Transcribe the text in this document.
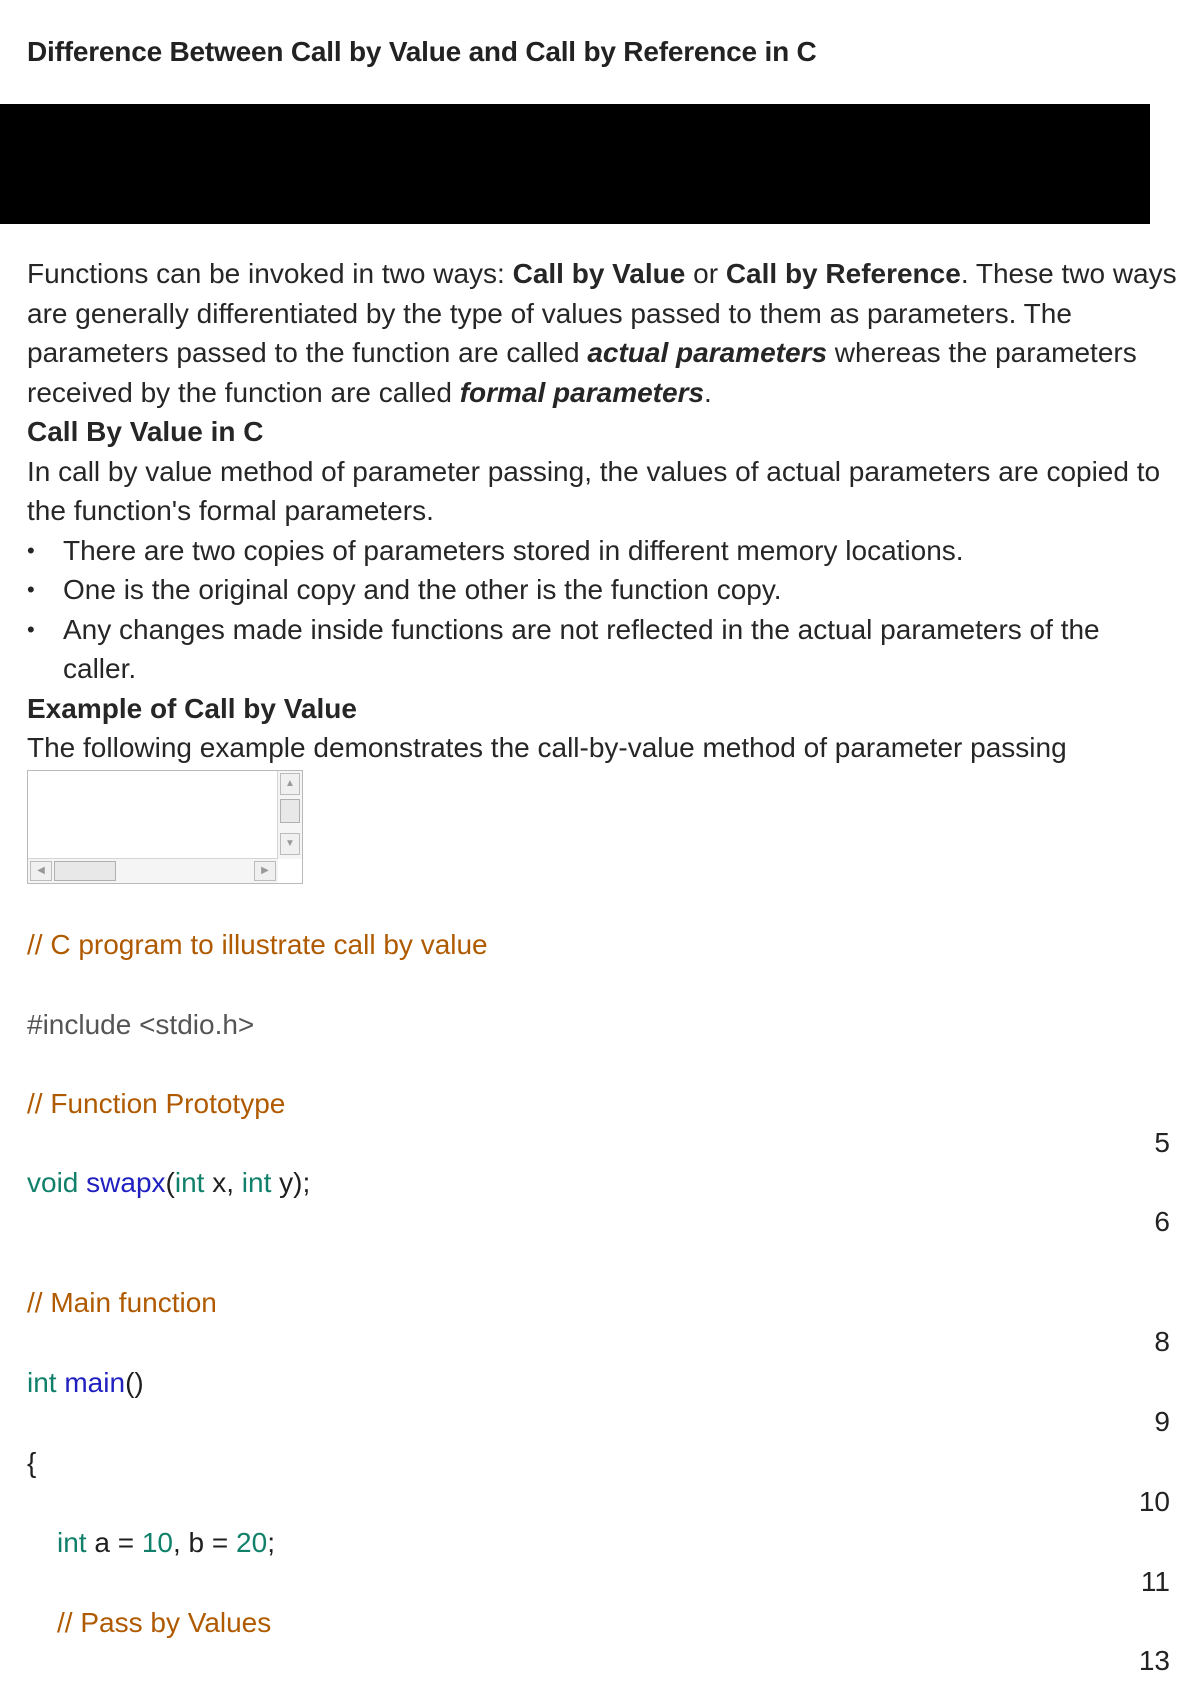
Difference Between Call by Value and Call by Reference in C

Functions can be invoked in two ways: Call by Value or Call by Reference. These two ways are generally differentiated by the type of values passed to them as parameters. The parameters passed to the function are called actual parameters whereas the parameters received by the function are called formal parameters.

Call By Value in C

In call by value method of parameter passing, the values of actual parameters are copied to the function's formal parameters.

• There are two copies of parameters stored in different memory locations.
• One is the original copy and the other is the function copy.
• Any changes made inside functions are not reflected in the actual parameters of the caller.

Example of Call by Value

The following example demonstrates the call-by-value method of parameter passing

▲
▼
◀	▶
// C program to illustrate call by value
#include <stdio.h>
// Function Prototype
void swapx(int x, int y);
// Main function
int main()
{
int a = 10, b = 20;
// Pass by Values
5
6
8
9
10
11
13
